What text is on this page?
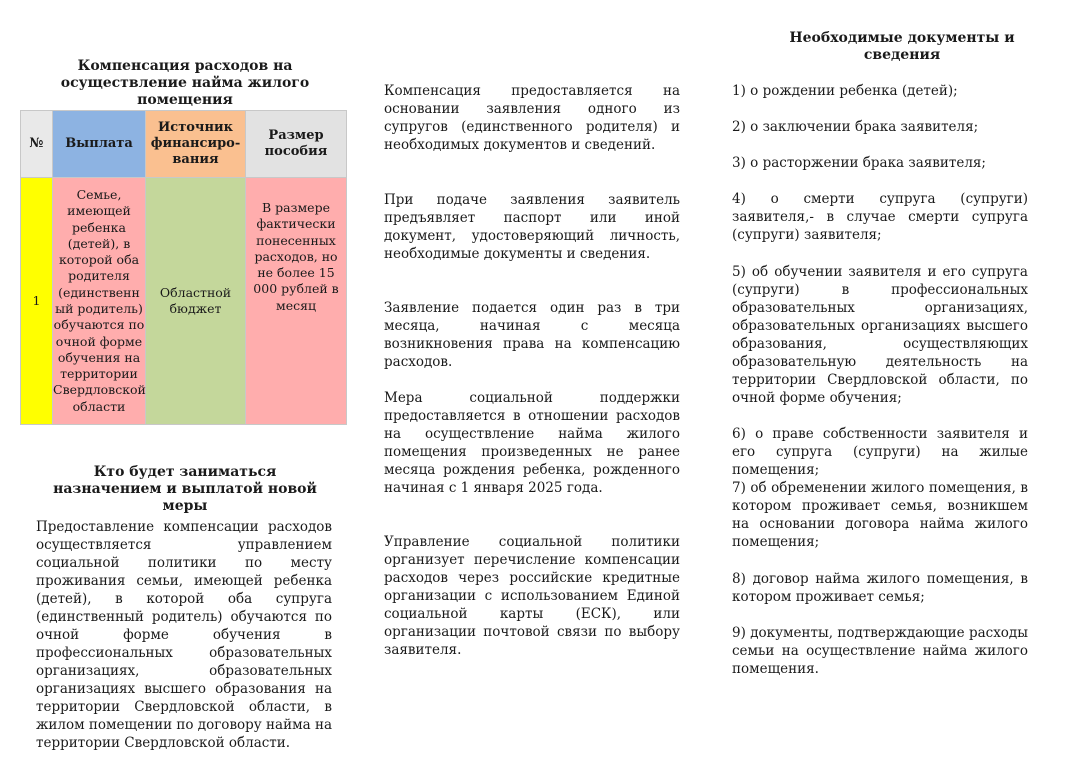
Компенсация расходов на осуществление найма жилого помещения
№	Выплата	Источник финансиро-вания	Размер пособия
1	Семье, имеющей ребенка (детей), в которой оба родителя (единственн ый родитель) обучаются по очной форме обучения на территории Свердловской области	Областной бюджет	В размере фактически понесенных расходов, но не более 15 000 рублей в месяц
Кто будет заниматься назначением и выплатой новой меры

Предоставление компенсации расходов осуществляется управлением социальной политики по месту проживания семьи, имеющей ребенка (детей), в которой оба супруга (единственный родитель) обучаются по очной форме обучения в профессиональных образовательных организациях, образовательных организациях высшего образования на территории Свердловской области, в жилом помещении по договору найма на территории Свердловской области.

Компенсация предоставляется на основании заявления одного из супругов (единственного родителя) и необходимых документов и сведений.

При подаче заявления заявитель предъявляет паспорт или иной документ, удостоверяющий личность, необходимые документы и сведения.

Заявление подается один раз в три месяца, начиная с месяца возникновения права на компенсацию расходов.

Мера социальной поддержки предоставляется в отношении расходов на осуществление найма жилого помещения произведенных не ранее месяца рождения ребенка, рожденного начиная с 1 января 2025 года.

Управление социальной политики организует перечисление компенсации расходов через российские кредитные организации с использованием Единой социальной карты (ЕСК), или организации почтовой связи по выбору заявителя.

Необходимые документы и сведения

1) о рождении ребенка (детей);

2) о заключении брака заявителя;

3) о расторжении брака заявителя;

4) о смерти супруга (супруги) заявителя,- в случае смерти супруга (супруги) заявителя;

5) об обучении заявителя и его супруга (супруги) в профессиональных образовательных организациях, образовательных организациях высшего образования, осуществляющих образовательную деятельность на территории Свердловской области, по очной форме обучения;

6) о праве собственности заявителя и его супруга (супруги) на жилые помещения;

7) об обременении жилого помещения, в котором проживает семья, возникшем на основании договора найма жилого помещения;

8) договор найма жилого помещения, в котором проживает семья;

9) документы, подтверждающие расходы семьи на осуществление найма жилого помещения.
